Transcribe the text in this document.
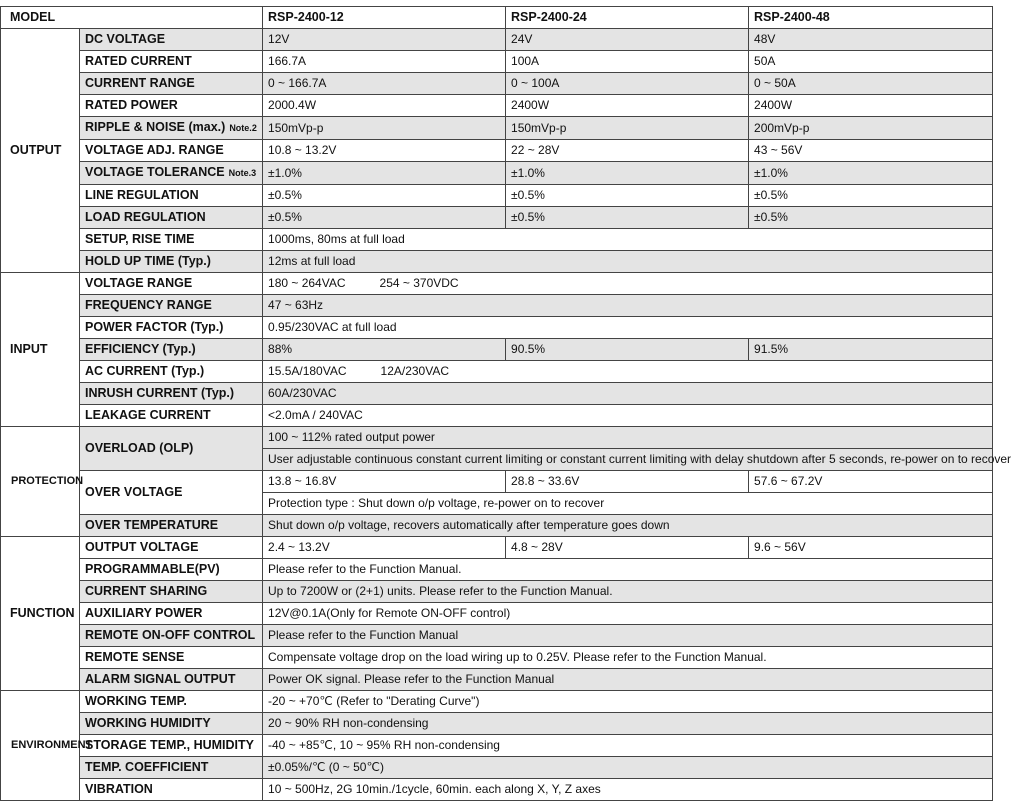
MODEL		RSP-2400-12	RSP-2400-24	RSP-2400-48
OUTPUT	DC VOLTAGE	12V	24V	48V
	RATED CURRENT	166.7A	100A	50A
	CURRENT RANGE	0 ~ 166.7A	0 ~ 100A	0 ~ 50A
	RATED POWER	2000.4W	2400W	2400W
	RIPPLE & NOISE (max.) Note.2	150mVp-p	150mVp-p	200mVp-p
	VOLTAGE ADJ. RANGE	10.8 ~ 13.2V	22 ~ 28V	43 ~ 56V
	VOLTAGE TOLERANCE Note.3	±1.0%	±1.0%	±1.0%
	LINE REGULATION	±0.5%	±0.5%	±0.5%
	LOAD REGULATION	±0.5%	±0.5%	±0.5%
	SETUP, RISE TIME	1000ms, 80ms at full load		
	HOLD UP TIME (Typ.)	12ms at full load		
INPUT	VOLTAGE RANGE	180 ~ 264VAC 254 ~ 370VDC		
	FREQUENCY RANGE	47 ~ 63Hz		
	POWER FACTOR (Typ.)	0.95/230VAC at full load		
	EFFICIENCY (Typ.)	88%	90.5%	91.5%
	AC CURRENT (Typ.)	15.5A/180VAC 12A/230VAC		
	INRUSH CURRENT (Typ.)	60A/230VAC		
	LEAKAGE CURRENT	<2.0mA / 240VAC		
PROTECTION	OVERLOAD (OLP)	100 ~ 112% rated output power		
		User adjustable continuous constant current limiting or constant current limiting with delay shutdown after 5 seconds, re-power on to recover		
	OVER VOLTAGE	13.8 ~ 16.8V	28.8 ~ 33.6V	57.6 ~ 67.2V
		Protection type : Shut down o/p voltage, re-power on to recover		
	OVER TEMPERATURE	Shut down o/p voltage, recovers automatically after temperature goes down		
FUNCTION	OUTPUT VOLTAGE	2.4 ~ 13.2V	4.8 ~ 28V	9.6 ~ 56V
	PROGRAMMABLE(PV)	Please refer to the Function Manual.		
	CURRENT SHARING	Up to 7200W or (2+1) units. Please refer to the Function Manual.		
	AUXILIARY POWER	12V@0.1A(Only for Remote ON-OFF control)		
	REMOTE ON-OFF CONTROL	Please refer to the Function Manual		
	REMOTE SENSE	Compensate voltage drop on the load wiring up to 0.25V. Please refer to the Function Manual.		
	ALARM SIGNAL OUTPUT	Power OK signal. Please refer to the Function Manual		
ENVIRONMENT	WORKING TEMP.	-20 ~ +70℃ (Refer to "Derating Curve")		
	WORKING HUMIDITY	20 ~ 90% RH non-condensing		
	STORAGE TEMP., HUMIDITY	-40 ~ +85℃, 10 ~ 95% RH non-condensing		
	TEMP. COEFFICIENT	±0.05%/℃ (0 ~ 50℃)		
	VIBRATION	10 ~ 500Hz, 2G 10min./1cycle, 60min. each along X, Y, Z axes		
